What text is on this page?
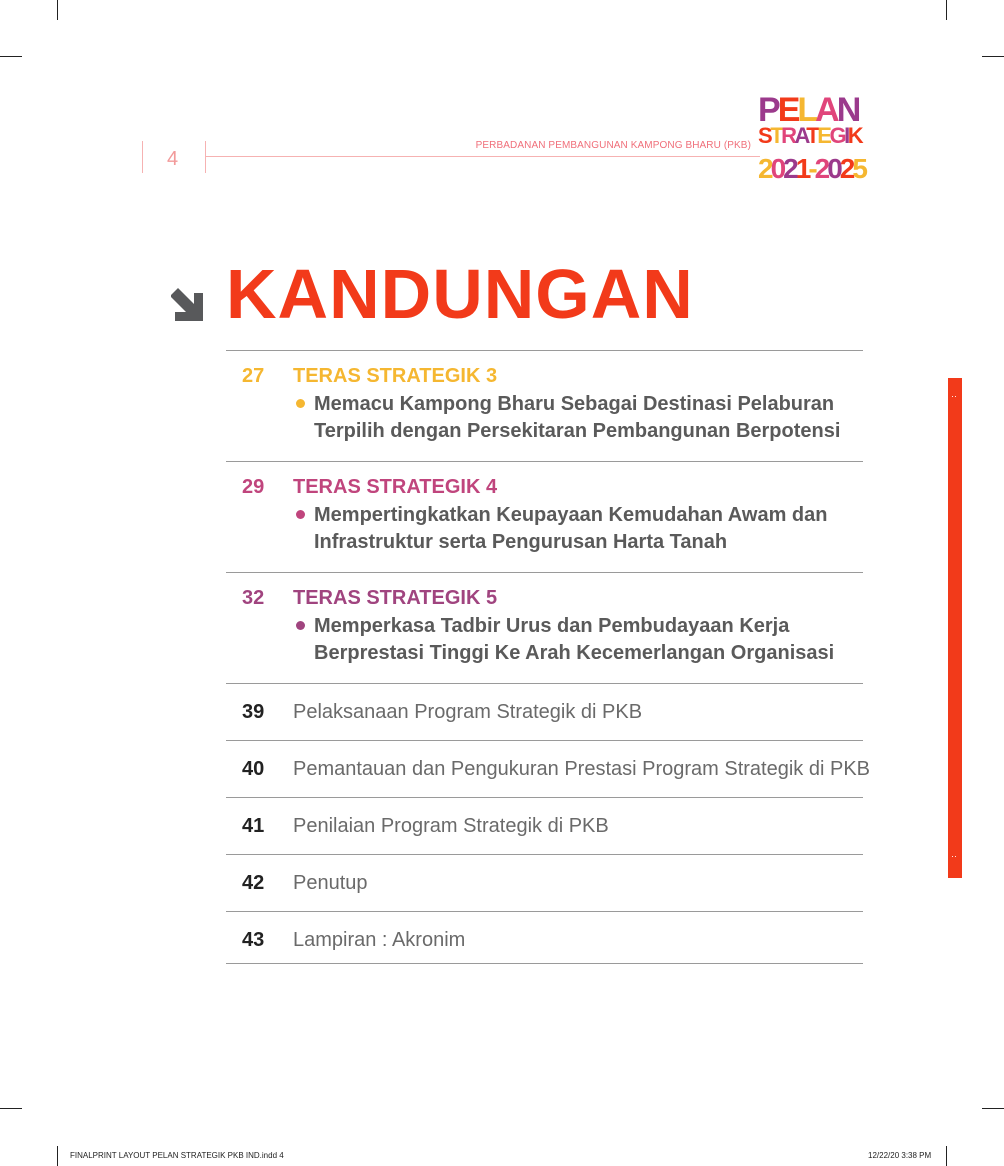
4
PERBADANAN PEMBANGUNAN KAMPONG BHARU (PKB)
PELAN
STRATEGIK
2021-2025
KANDUNGAN
27 TERAS STRATEGIK 3
Memacu Kampong Bharu Sebagai Destinasi Pelaburan Terpilih dengan Persekitaran Pembangunan Berpotensi
29 TERAS STRATEGIK 4
Mempertingkatkan Keupayaan Kemudahan Awam dan Infrastruktur serta Pengurusan Harta Tanah
32 TERAS STRATEGIK 5
Memperkasa Tadbir Urus dan Pembudayaan Kerja Berprestasi Tinggi Ke Arah Kecemerlangan Organisasi
39 Pelaksanaan Program Strategik di PKB
40 Pemantauan dan Pengukuran Prestasi Program Strategik di PKB
41 Penilaian Program Strategik di PKB
42 Penutup
43 Lampiran : Akronim
··
··
FINALPRINT LAYOUT PELAN STRATEGIK PKB IND.indd 4	12/22/20 3:38 PM
